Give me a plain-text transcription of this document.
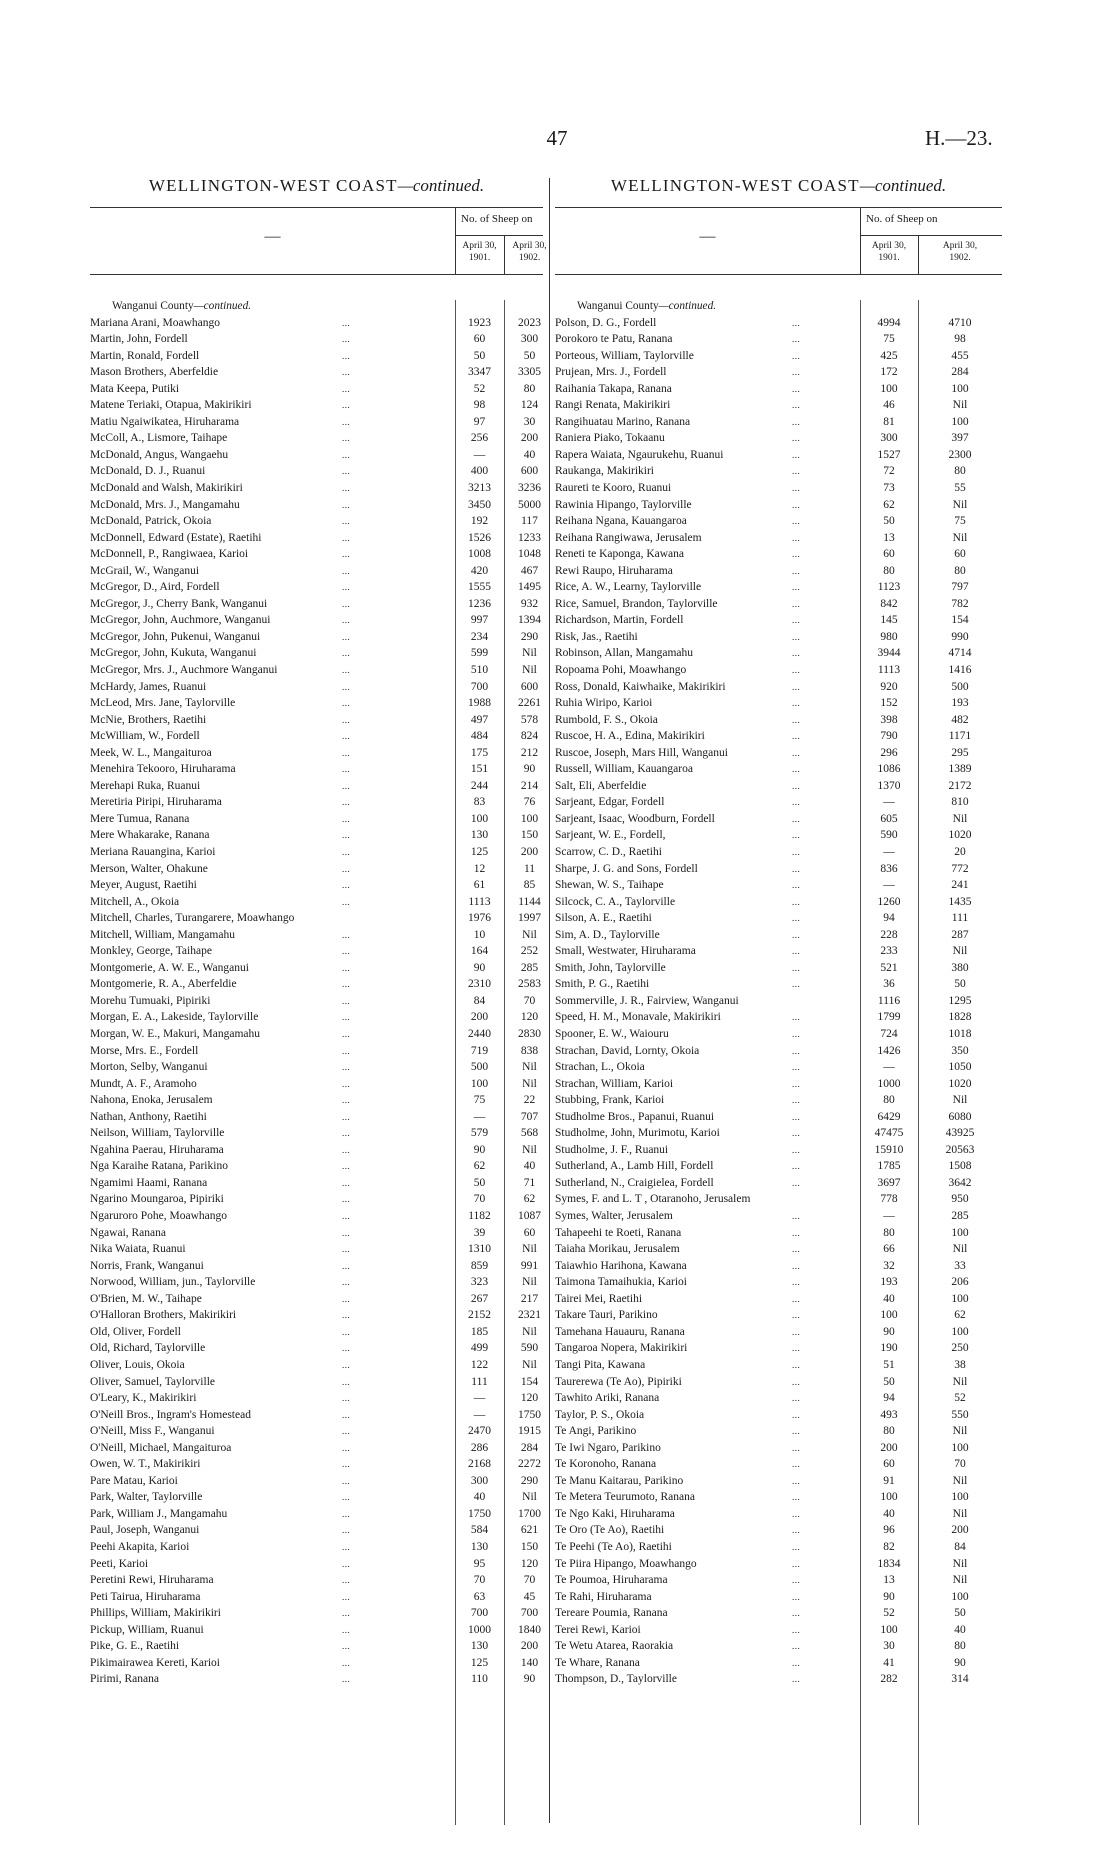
47	H.—23.
WELLINGTON-WEST COAST—continued.
—
No. of Sheep on
April 30,
1901.
April 30,
1902.
Wanganui County—continued.
Mariana Arani, Moawhango	...	1923	2023
Martin, John, Fordell	...	60	300
Martin, Ronald, Fordell	...	50	50
Mason Brothers, Aberfeldie	...	3347	3305
Mata Keepa, Putiki	...	52	80
Matene Teriaki, Otapua, Makirikiri	...	98	124
Matiu Ngaiwikatea, Hiruharama	...	97	30
McColl, A., Lismore, Taihape	...	256	200
McDonald, Angus, Wangaehu	...	—	40
McDonald, D. J., Ruanui	...	400	600
McDonald and Walsh, Makirikiri	...	3213	3236
McDonald, Mrs. J., Mangamahu	...	3450	5000
McDonald, Patrick, Okoia	...	192	117
McDonnell, Edward (Estate), Raetihi	...	1526	1233
McDonnell, P., Rangiwaea, Karioi	...	1008	1048
McGrail, W., Wanganui	...	420	467
McGregor, D., Aird, Fordell	...	1555	1495
McGregor, J., Cherry Bank, Wanganui	...	1236	932
McGregor, John, Auchmore, Wanganui	...	997	1394
McGregor, John, Pukenui, Wanganui	...	234	290
McGregor, John, Kukuta, Wanganui	...	599	Nil
McGregor, Mrs. J., Auchmore Wanganui	...	510	Nil
McHardy, James, Ruanui	...	700	600
McLeod, Mrs. Jane, Taylorville	...	1988	2261
McNie, Brothers, Raetihi	...	497	578
McWilliam, W., Fordell	...	484	824
Meek, W. L., Mangaituroa	...	175	212
Menehira Tekooro, Hiruharama	...	151	90
Merehapi Ruka, Ruanui	...	244	214
Meretiria Piripi, Hiruharama	...	83	76
Mere Tumua, Ranana	...	100	100
Mere Whakarake, Ranana	...	130	150
Meriana Rauangina, Karioi	...	125	200
Merson, Walter, Ohakune	...	12	11
Meyer, August, Raetihi	...	61	85
Mitchell, A., Okoia	...	1113	1144
Mitchell, Charles, Turangarere, Moawhango	1976	1997
Mitchell, William, Mangamahu	...	10	Nil
Monkley, George, Taihape	...	164	252
Montgomerie, A. W. E., Wanganui	...	90	285
Montgomerie, R. A., Aberfeldie	...	2310	2583
Morehu Tumuaki, Pipiriki	...	84	70
Morgan, E. A., Lakeside, Taylorville	...	200	120
Morgan, W. E., Makuri, Mangamahu	...	2440	2830
Morse, Mrs. E., Fordell	...	719	838
Morton, Selby, Wanganui	...	500	Nil
Mundt, A. F., Aramoho	...	100	Nil
Nahona, Enoka, Jerusalem	...	75	22
Nathan, Anthony, Raetihi	...	—	707
Neilson, William, Taylorville	...	579	568
Ngahina Paerau, Hiruharama	...	90	Nil
Nga Karaihe Ratana, Parikino	...	62	40
Ngamimi Haami, Ranana	...	50	71
Ngarino Moungaroa, Pipiriki	...	70	62
Ngaruroro Pohe, Moawhango	...	1182	1087
Ngawai, Ranana	...	39	60
Nika Waiata, Ruanui	...	1310	Nil
Norris, Frank, Wanganui	...	859	991
Norwood, William, jun., Taylorville	...	323	Nil
O'Brien, M. W., Taihape	...	267	217
O'Halloran Brothers, Makirikiri	...	2152	2321
Old, Oliver, Fordell	...	185	Nil
Old, Richard, Taylorville	...	499	590
Oliver, Louis, Okoia	...	122	Nil
Oliver, Samuel, Taylorville	...	111	154
O'Leary, K., Makirikiri	...	—	120
O'Neill Bros., Ingram's Homestead	...	—	1750
O'Neill, Miss F., Wanganui	...	2470	1915
O'Neill, Michael, Mangaituroa	...	286	284
Owen, W. T., Makirikiri	...	2168	2272
Pare Matau, Karioi	...	300	290
Park, Walter, Taylorville	...	40	Nil
Park, William J., Mangamahu	...	1750	1700
Paul, Joseph, Wanganui	...	584	621
Peehi Akapita, Karioi	...	130	150
Peeti, Karioi	...	95	120
Peretini Rewi, Hiruharama	...	70	70
Peti Tairua, Hiruharama	...	63	45
Phillips, William, Makirikiri	...	700	700
Pickup, William, Ruanui	...	1000	1840
Pike, G. E., Raetihi	...	130	200
Pikimairawea Kereti, Karioi	...	125	140
Pirimi, Ranana	...	110	90
WELLINGTON-WEST COAST—continued.
—
No. of Sheep on
April 30,
1901.
April 30,
1902.
Wanganui County—continued.
Polson, D. G., Fordell	...	4994	4710
Porokoro te Patu, Ranana	...	75	98
Porteous, William, Taylorville	...	425	455
Prujean, Mrs. J., Fordell	...	172	284
Raihania Takapa, Ranana	...	100	100
Rangi Renata, Makirikiri	...	46	Nil
Rangihuatau Marino, Ranana	...	81	100
Raniera Piako, Tokaanu	...	300	397
Rapera Waiata, Ngaurukehu, Ruanui	...	1527	2300
Raukanga, Makirikiri	...	72	80
Raureti te Kooro, Ruanui	...	73	55
Rawinia Hipango, Taylorville	...	62	Nil
Reihana Ngana, Kauangaroa	...	50	75
Reihana Rangiwawa, Jerusalem	...	13	Nil
Reneti te Kaponga, Kawana	...	60	60
Rewi Raupo, Hiruharama	...	80	80
Rice, A. W., Learny, Taylorville	...	1123	797
Rice, Samuel, Brandon, Taylorville	...	842	782
Richardson, Martin, Fordell	...	145	154
Risk, Jas., Raetihi	...	980	990
Robinson, Allan, Mangamahu	...	3944	4714
Ropoama Pohi, Moawhango	...	1113	1416
Ross, Donald, Kaiwhaike, Makirikiri	...	920	500
Ruhia Wiripo, Karioi	...	152	193
Rumbold, F. S., Okoia	...	398	482
Ruscoe, H. A., Edina, Makirikiri	...	790	1171
Ruscoe, Joseph, Mars Hill, Wanganui	...	296	295
Russell, William, Kauangaroa	...	1086	1389
Salt, Eli, Aberfeldie	...	1370	2172
Sarjeant, Edgar, Fordell	...	—	810
Sarjeant, Isaac, Woodburn, Fordell	...	605	Nil
Sarjeant, W. E., Fordell,	...	590	1020
Scarrow, C. D., Raetihi	...	—	20
Sharpe, J. G. and Sons, Fordell	...	836	772
Shewan, W. S., Taihape	...	—	241
Silcock, C. A., Taylorville	...	1260	1435
Silson, A. E., Raetihi	...	94	111
Sim, A. D., Taylorville	...	228	287
Small, Westwater, Hiruharama	...	233	Nil
Smith, John, Taylorville	...	521	380
Smith, P. G., Raetihi	...	36	50
Sommerville, J. R., Fairview, Wanganui	1116	1295
Speed, H. M., Monavale, Makirikiri	...	1799	1828
Spooner, E. W., Waiouru	...	724	1018
Strachan, David, Lornty, Okoia	...	1426	350
Strachan, L., Okoia	...	—	1050
Strachan, William, Karioi	...	1000	1020
Stubbing, Frank, Karioi	...	80	Nil
Studholme Bros., Papanui, Ruanui	...	6429	6080
Studholme, John, Murimotu, Karioi	...	47475	43925
Studholme, J. F., Ruanui	...	15910	20563
Sutherland, A., Lamb Hill, Fordell	...	1785	1508
Sutherland, N., Craigielea, Fordell	...	3697	3642
Symes, F. and L. T , Otaranoho, Jerusalem	778	950
Symes, Walter, Jerusalem	...	—	285
Tahapeehi te Roeti, Ranana	...	80	100
Taiaha Morikau, Jerusalem	...	66	Nil
Taiawhio Harihona, Kawana	...	32	33
Taimona Tamaihukia, Karioi	...	193	206
Tairei Mei, Raetihi	...	40	100
Takare Tauri, Parikino	...	100	62
Tamehana Hauauru, Ranana	...	90	100
Tangaroa Nopera, Makirikiri	...	190	250
Tangi Pita, Kawana	...	51	38
Taurerewa (Te Ao), Pipiriki	...	50	Nil
Tawhito Ariki, Ranana	...	94	52
Taylor, P. S., Okoia	...	493	550
Te Angi, Parikino	...	80	Nil
Te Iwi Ngaro, Parikino	...	200	100
Te Koronoho, Ranana	...	60	70
Te Manu Kaitarau, Parikino	...	91	Nil
Te Metera Teurumoto, Ranana	...	100	100
Te Ngo Kaki, Hiruharama	...	40	Nil
Te Oro (Te Ao), Raetihi	...	96	200
Te Peehi (Te Ao), Raetihi	...	82	84
Te Piira Hipango, Moawhango	...	1834	Nil
Te Poumoa, Hiruharama	...	13	Nil
Te Rahi, Hiruharama	...	90	100
Tereare Poumia, Ranana	...	52	50
Terei Rewi, Karioi	...	100	40
Te Wetu Atarea, Raorakia	...	30	80
Te Whare, Ranana	...	41	90
Thompson, D., Taylorville	...	282	314
